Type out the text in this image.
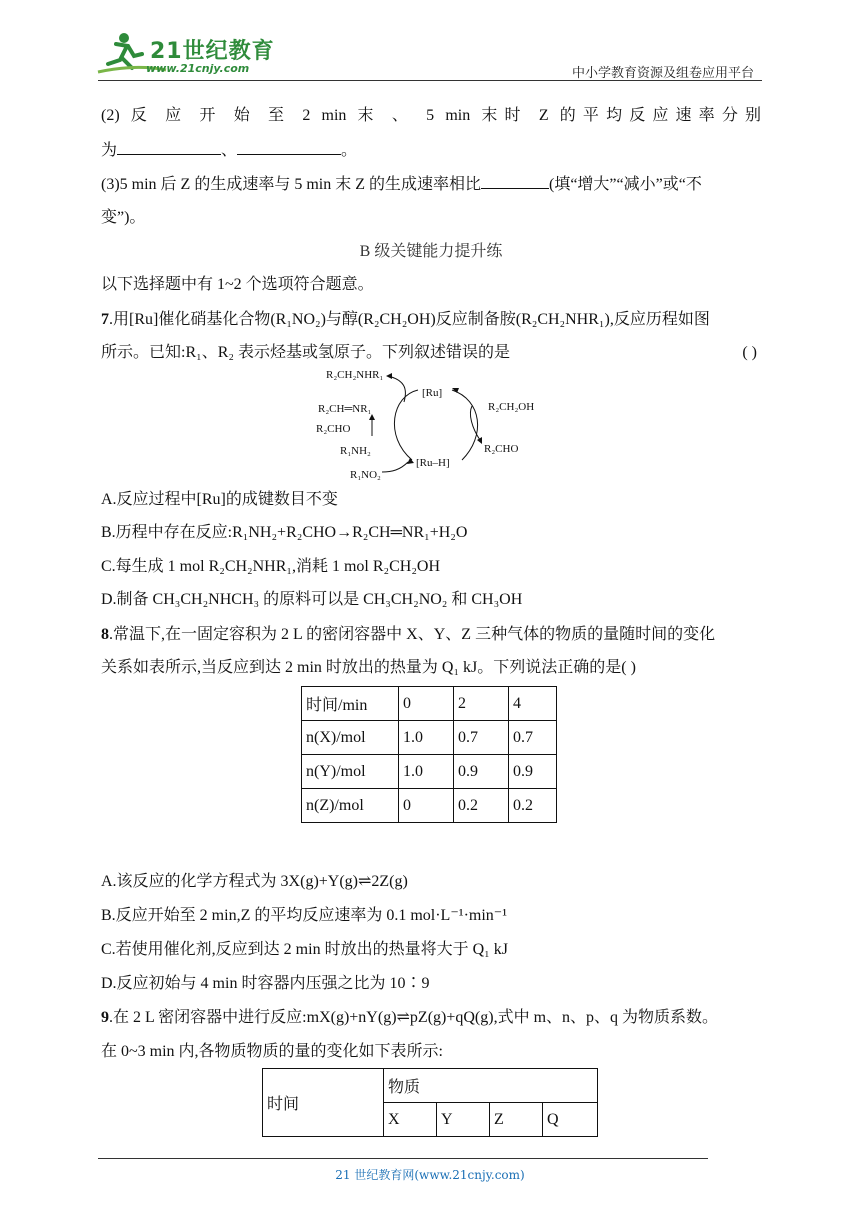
21世纪教育
www.21cnjy.com	中小学教育资源及组卷应用平台
(2) 反 应 开 始 至 2 min 末 、 5 min 末时 Z 的平均反应速率分别
为	、	。
(3)5 min 后 Z 的生成速率与 5 min 末 Z 的生成速率相比	(填“增大”“减小”或“不
变”)。
B 级关键能力提升练
以下选择题中有 1~2 个选项符合题意。
7.用[Ru]催化硝基化合物(R₁NO₂)与醇(R₂CH₂OH)反应制备胺(R₂CH₂NHR₁),反应历程如图
所示。已知:R₁、R₂ 表示烃基或氢原子。下列叙述错误的是	( )
R₂CH₂NHR₁
[Ru]
R₂CH═NR₁
R₂CHO
R₁NH₂
R₁NO₂
[Ru–H]
R₂CH₂OH
R₂CHO
A.反应过程中[Ru]的成键数目不变
B.历程中存在反应:R₁NH₂+R₂CHO→R₂CH═NR₁+H₂O
C.每生成 1 mol R₂CH₂NHR₁,消耗 1 mol R₂CH₂OH
D.制备 CH₃CH₂NHCH₃ 的原料可以是 CH₃CH₂NO₂ 和 CH₃OH
8.常温下,在一固定容积为 2 L 的密闭容器中 X、Y、Z 三种气体的物质的量随时间的变化
关系如表所示,当反应到达 2 min 时放出的热量为 Q₁ kJ。下列说法正确的是( )
时间/min	0	2	4
n(X)/mol	1.0	0.7	0.7
n(Y)/mol	1.0	0.9	0.9
n(Z)/mol	0	0.2	0.2
A.该反应的化学方程式为 3X(g)+Y(g)⇌2Z(g)
B.反应开始至 2 min,Z 的平均反应速率为 0.1 mol·L⁻¹·min⁻¹
C.若使用催化剂,反应到达 2 min 时放出的热量将大于 Q₁ kJ
D.反应初始与 4 min 时容器内压强之比为 10∶9
9.在 2 L 密闭容器中进行反应:mX(g)+nY(g)⇌pZ(g)+qQ(g),式中 m、n、p、q 为物质系数。
在 0~3 min 内,各物质物质的量的变化如下表所示:
时间	物质			
	X	Y	Z	Q
21 世纪教育网(www.21cnjy.com)
